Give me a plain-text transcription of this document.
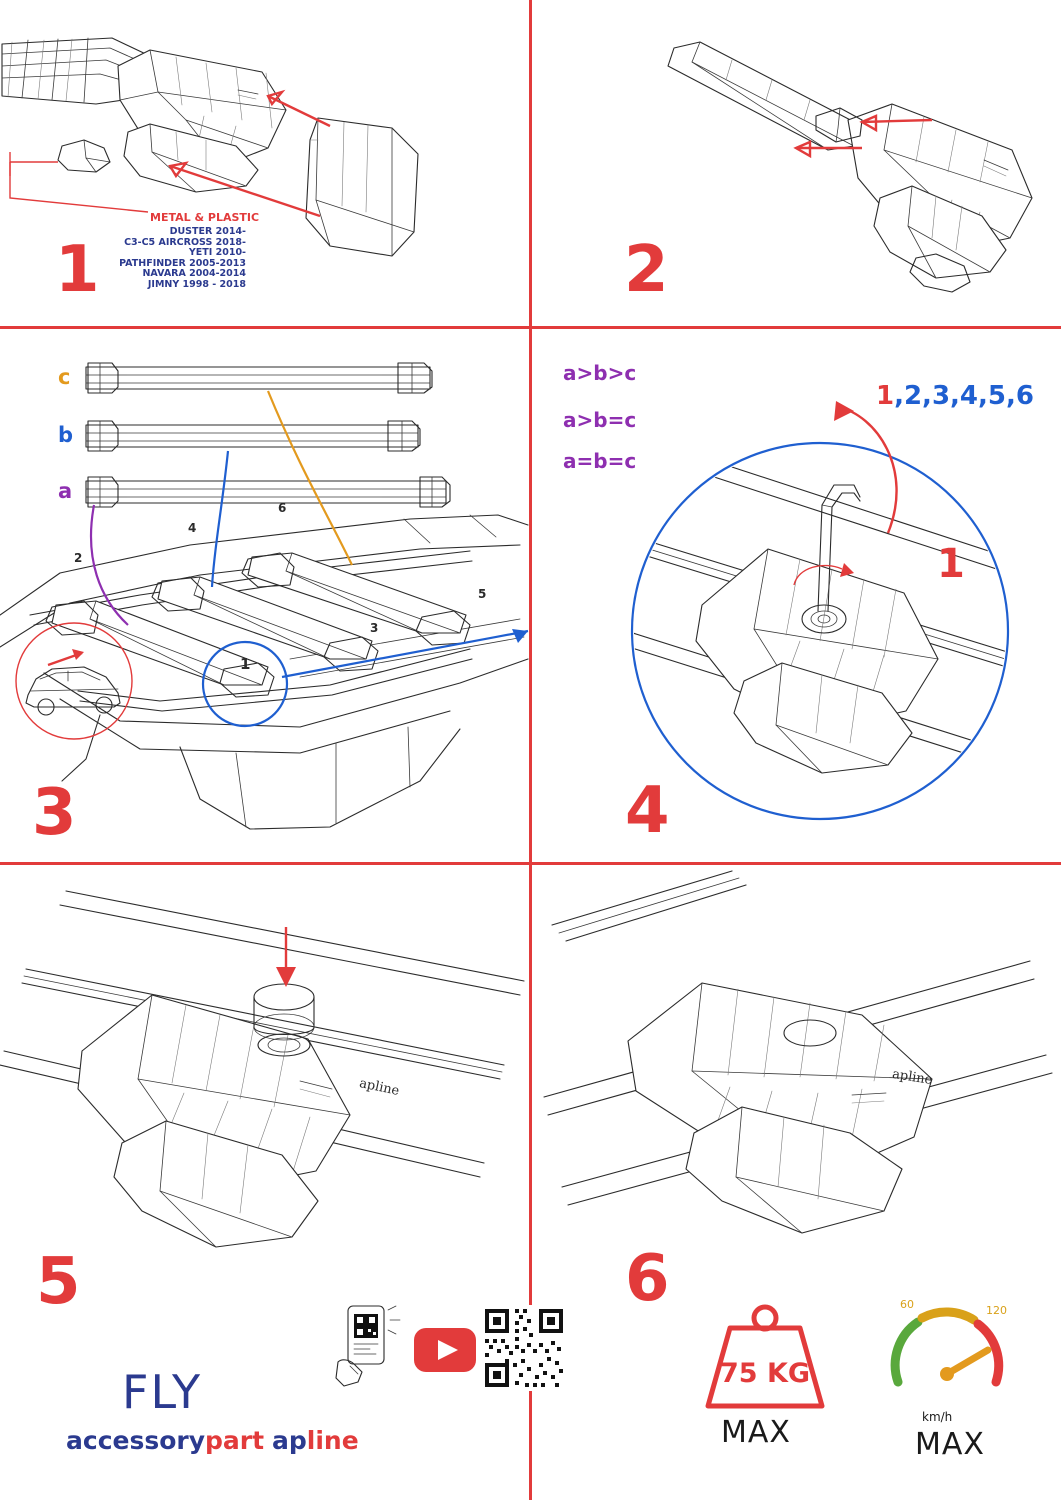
METAL & PLASTIC
DUSTER 2014-
C3-C5 AIRCROSS 2018-
YETI 2010-
PATHFINDER 2005-2013
NAVARA 2004-2014
JIMNY 1998 - 2018
1	2
c
b
a
2
4
6
3
5
1
3
a>b>c
a>b=c
a=b=c
1,2,3,4,5,6
1
4
5
FLY
accessorypart apline
6
75 KG
MAX
60	120
km/h
MAX
apline
apline
